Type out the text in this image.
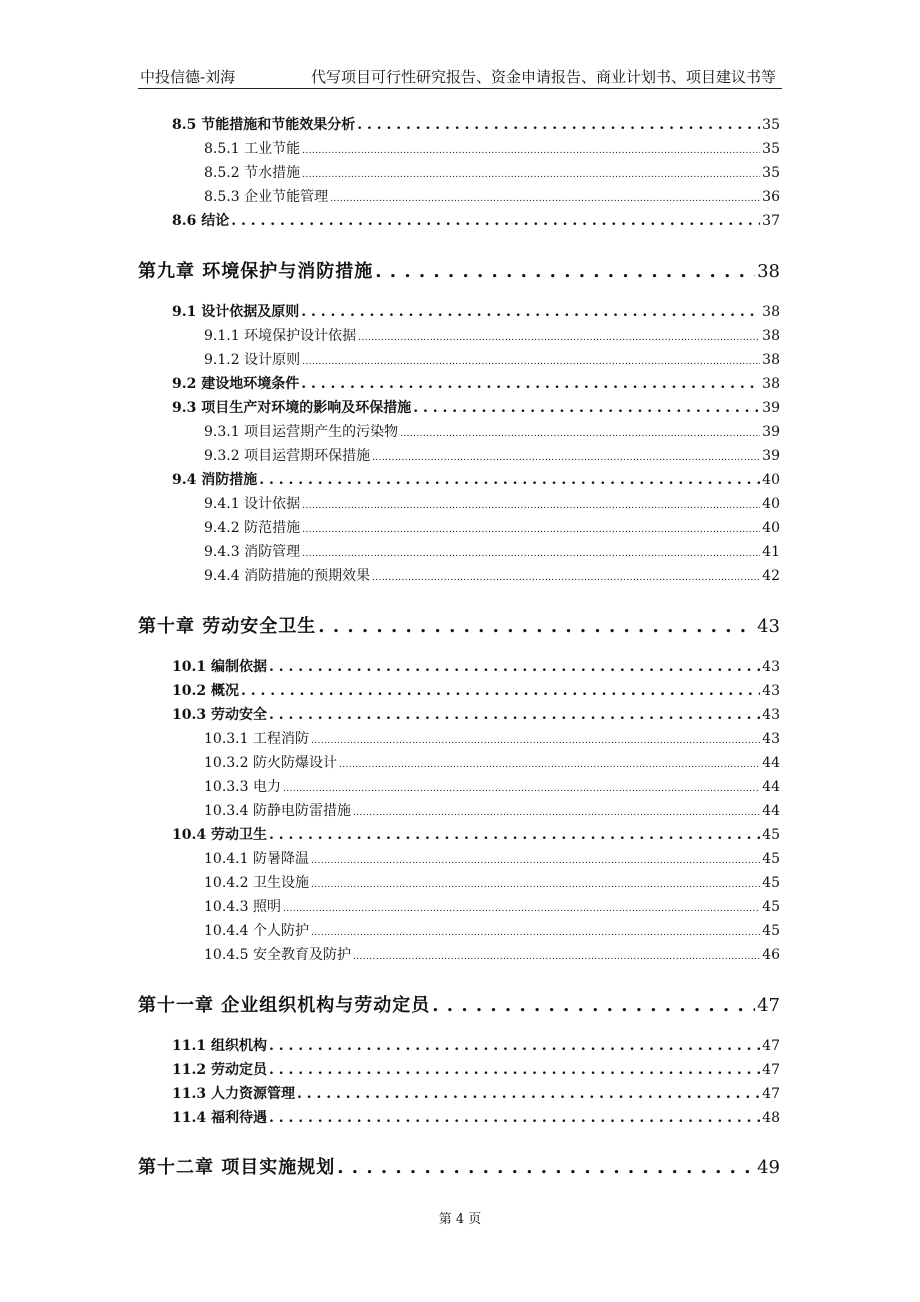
中投信德-刘海	代写项目可行性研究报告、资金申请报告、商业计划书、项目建议书等
8.5 节能措施和节能效果分析 . . .	35
8.5.1 工业节能 .....	35
8.5.2 节水措施 .....	35
8.5.3 企业节能管理 .....	36
8.6 结论 . . .	37
第九章 环境保护与消防措施 . . .	38
9.1 设计依据及原则 . . .	38
9.1.1 环境保护设计依据 .....	38
9.1.2 设计原则 .....	38
9.2 建设地环境条件 . . .	38
9.3 项目生产对环境的影响及环保措施 . . .	39
9.3.1 项目运营期产生的污染物 .....	39
9.3.2 项目运营期环保措施 .....	39
9.4 消防措施 . . .	40
9.4.1 设计依据 .....	40
9.4.2 防范措施 .....	40
9.4.3 消防管理 .....	41
9.4.4 消防措施的预期效果 .....	42
第十章 劳动安全卫生 . . .	43
10.1 编制依据 . . .	43
10.2 概况 . . .	43
10.3 劳动安全 . . .	43
10.3.1 工程消防 .....	43
10.3.2 防火防爆设计 .....	44
10.3.3 电力 .....	44
10.3.4 防静电防雷措施 .....	44
10.4 劳动卫生 . . .	45
10.4.1 防暑降温 .....	45
10.4.2 卫生设施 .....	45
10.4.3 照明 .....	45
10.4.4 个人防护 .....	45
10.4.5 安全教育及防护 .....	46
第十一章 企业组织机构与劳动定员 . . .	47
11.1 组织机构 . . .	47
11.2 劳动定员 . . .	47
11.3 人力资源管理 . . .	47
11.4 福利待遇 . . .	48
第十二章 项目实施规划 . . .	49
第 4 页
